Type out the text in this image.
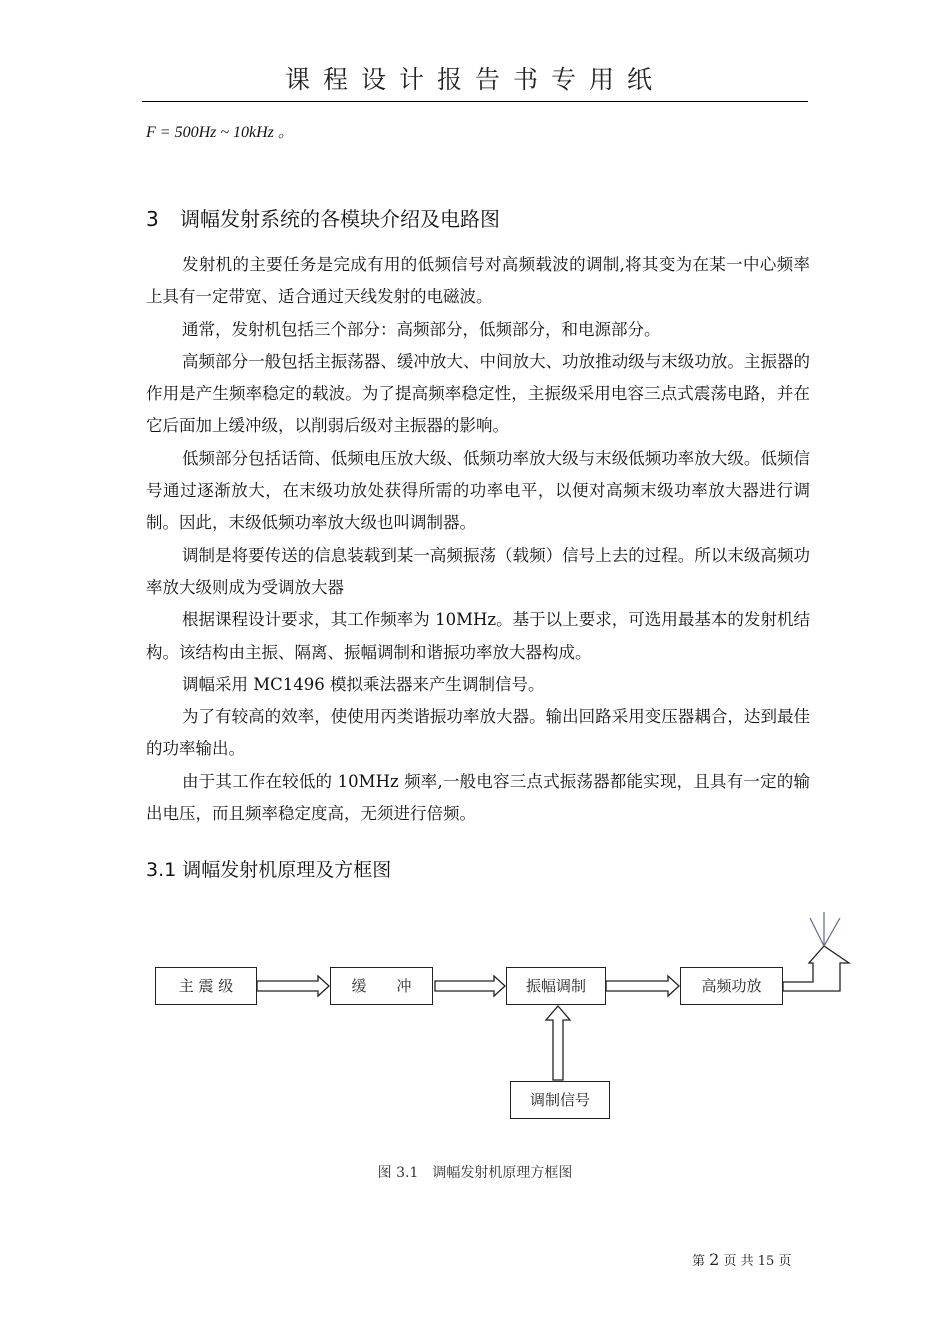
课程设计报告书专用纸
F = 500Hz ~ 10kHz 。
3 调幅发射系统的各模块介绍及电路图

发射机的主要任务是完成有用的低频信号对高频载波的调制,将其变为在某一中心频率上具有一定带宽、适合通过天线发射的电磁波。

通常，发射机包括三个部分：高频部分，低频部分，和电源部分。

高频部分一般包括主振荡器、缓冲放大、中间放大、功放推动级与末级功放。主振器的作用是产生频率稳定的载波。为了提高频率稳定性，主振级采用电容三点式震荡电路，并在它后面加上缓冲级，以削弱后级对主振器的影响。

低频部分包括话筒、低频电压放大级、低频功率放大级与末级低频功率放大级。低频信号通过逐渐放大，在末级功放处获得所需的功率电平，以便对高频末级功率放大器进行调制。因此，末级低频功率放大级也叫调制器。

调制是将要传送的信息装载到某一高频振荡（载频）信号上去的过程。所以末级高频功率放大级则成为受调放大器

根据课程设计要求，其工作频率为 10MHz。基于以上要求，可选用最基本的发射机结构。该结构由主振、隔离、振幅调制和谐振功率放大器构成。

调幅采用 MC1496 模拟乘法器来产生调制信号。

为了有较高的效率，使使用丙类谐振功率放大器。输出回路采用变压器耦合，达到最佳的功率输出。

由于其工作在较低的 10MHz 频率,一般电容三点式振荡器都能实现，且具有一定的输出电压，而且频率稳定度高，无须进行倍频。

3.1 调幅发射机原理及方框图
主 震 级	缓　　冲	振幅调制	高频功放
调制信号
图 3.1　调幅发射机原理方框图
第 2 页 共 15 页
